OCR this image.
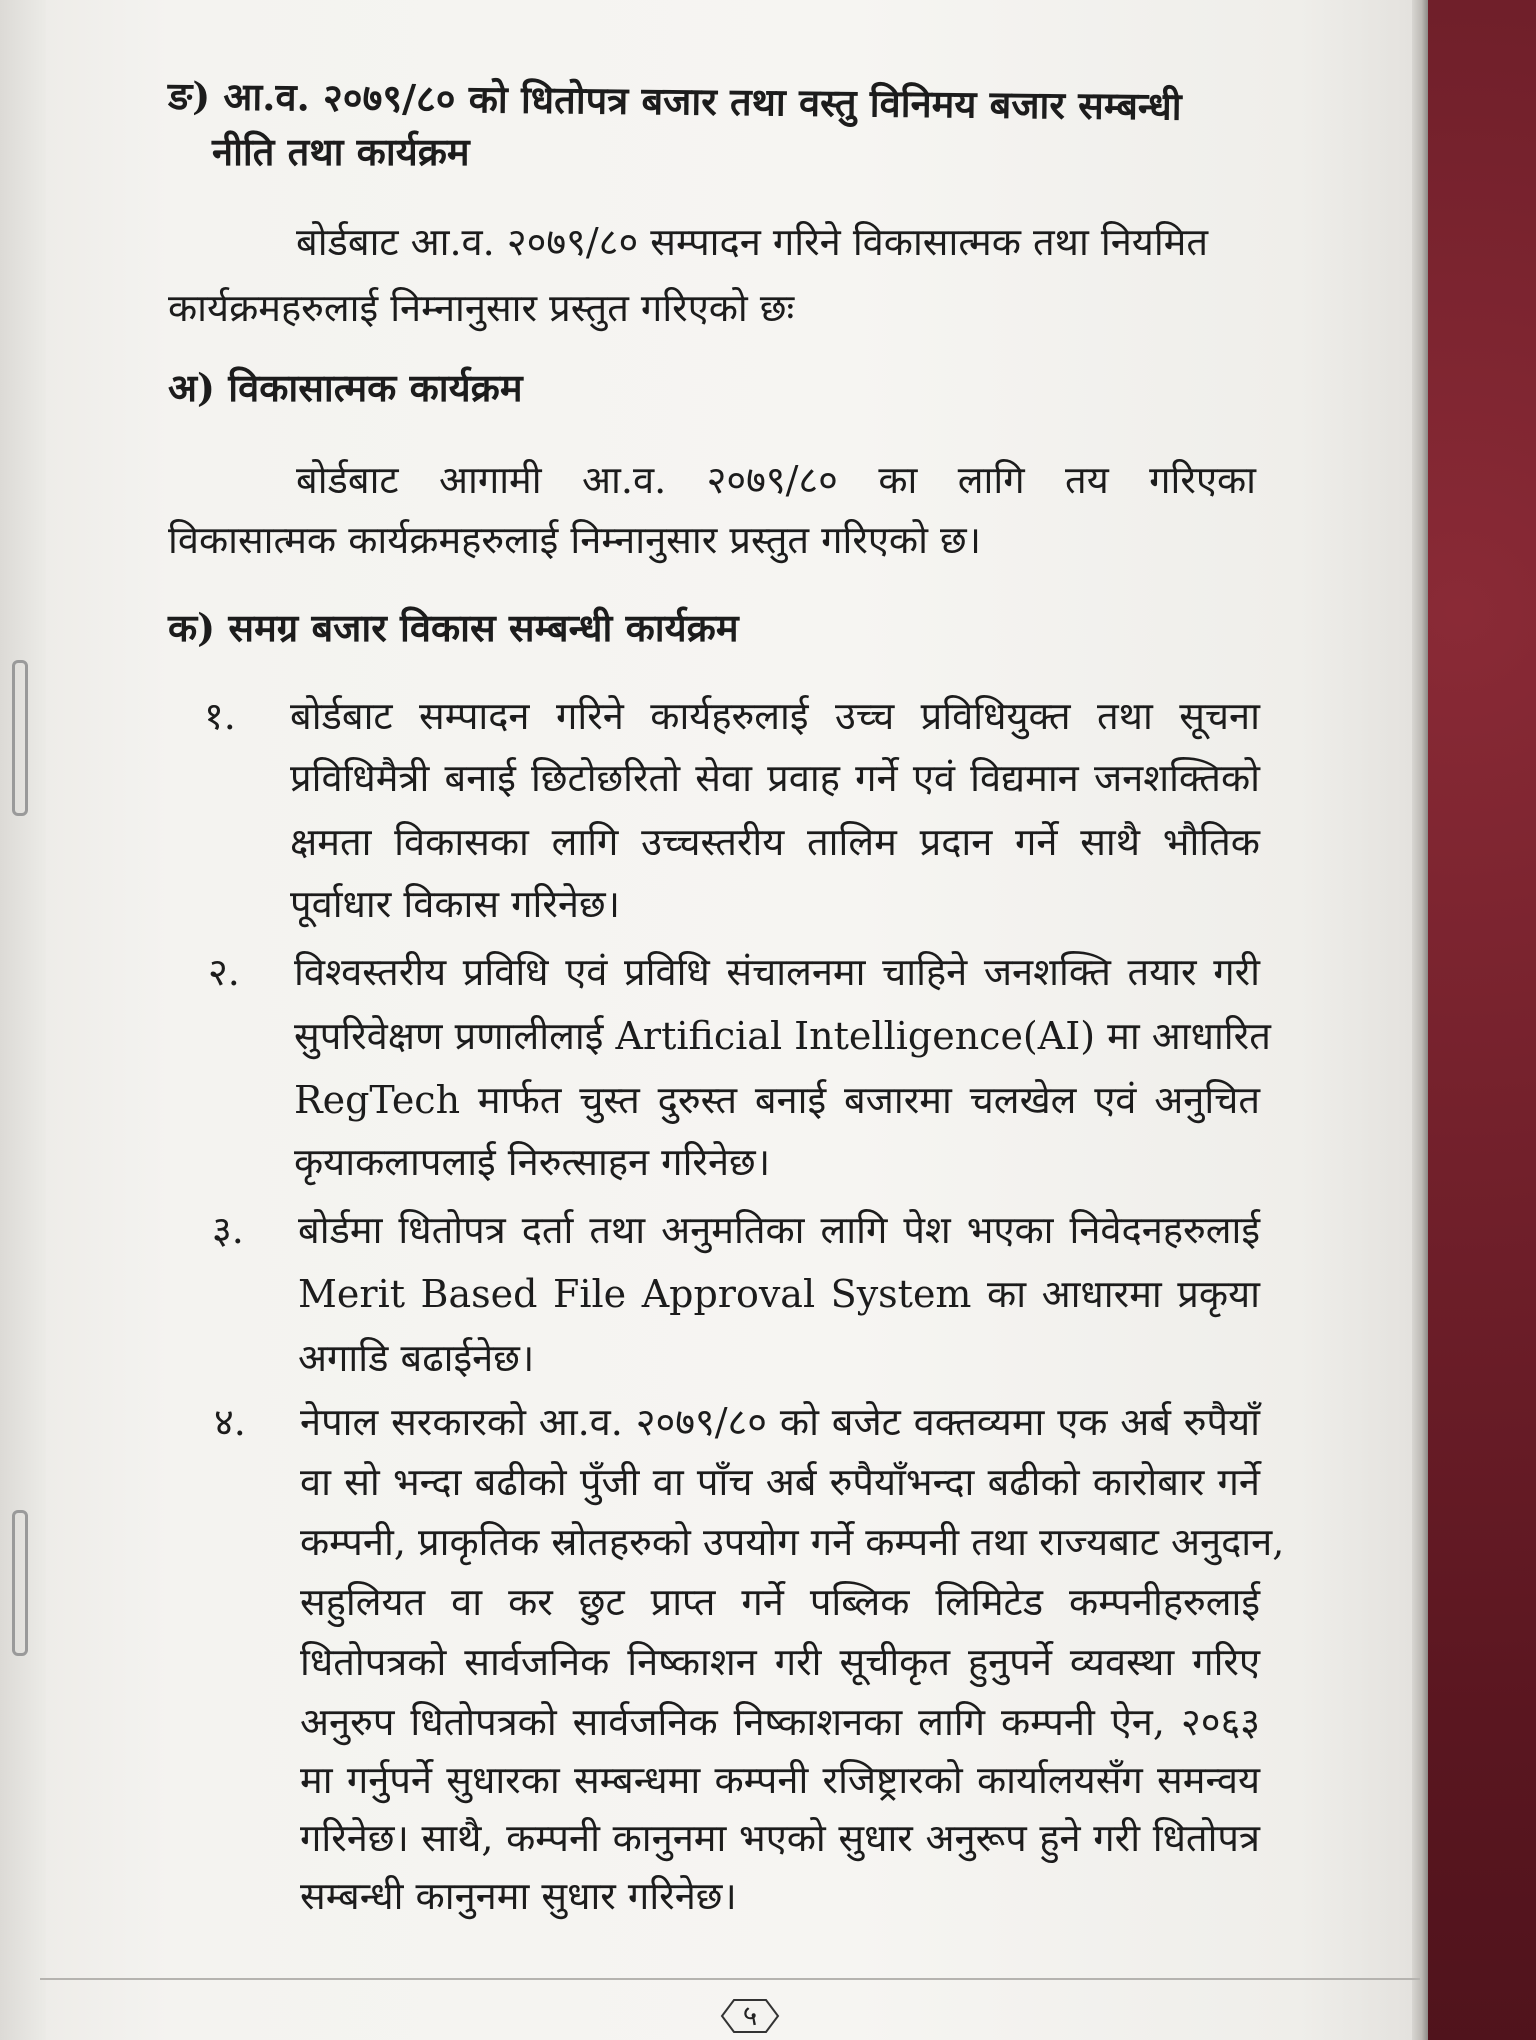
ङ) आ.व. २०७९/८० को धितोपत्र बजार तथा वस्तु विनिमय बजार सम्बन्धी
नीति तथा कार्यक्रम
बोर्डबाट आ.व. २०७९/८० सम्पादन गरिने विकासात्मक तथा नियमित
कार्यक्रमहरुलाई निम्नानुसार प्रस्तुत गरिएको छः
अ) विकासात्मक कार्यक्रम
बोर्डबाट आगामी आ.व. २०७९/८० का लागि तय गरिएका
विकासात्मक कार्यक्रमहरुलाई निम्नानुसार प्रस्तुत गरिएको छ।
क) समग्र बजार विकास सम्बन्धी कार्यक्रम
१. बोर्डबाट सम्पादन गरिने कार्यहरुलाई उच्च प्रविधियुक्त तथा सूचना
प्रविधिमैत्री बनाई छिटोछरितो सेवा प्रवाह गर्ने एवं विद्यमान जनशक्तिको
क्षमता विकासका लागि उच्चस्तरीय तालिम प्रदान गर्ने साथै भौतिक
पूर्वाधार विकास गरिनेछ।
२. विश्वस्तरीय प्रविधि एवं प्रविधि संचालनमा चाहिने जनशक्ति तयार गरी
सुपरिवेक्षण प्रणालीलाई Artificial Intelligence(AI) मा आधारित
RegTech मार्फत चुस्त दुरुस्त बनाई बजारमा चलखेल एवं अनुचित
कृयाकलापलाई निरुत्साहन गरिनेछ।
३. बोर्डमा धितोपत्र दर्ता तथा अनुमतिका लागि पेश भएका निवेदनहरुलाई
Merit Based File Approval System का आधारमा प्रकृया
अगाडि बढाईनेछ।
४. नेपाल सरकारको आ.व. २०७९/८० को बजेट वक्तव्यमा एक अर्ब रुपैयाँ
वा सो भन्दा बढीको पुँजी वा पाँच अर्ब रुपैयाँभन्दा बढीको कारोबार गर्ने
कम्पनी, प्राकृतिक स्रोतहरुको उपयोग गर्ने कम्पनी तथा राज्यबाट अनुदान,
सहुलियत वा कर छुट प्राप्त गर्ने पब्लिक लिमिटेड कम्पनीहरुलाई
धितोपत्रको सार्वजनिक निष्काशन गरी सूचीकृत हुनुपर्ने व्यवस्था गरिए
अनुरुप धितोपत्रको सार्वजनिक निष्काशनका लागि कम्पनी ऐन, २०६३
मा गर्नुपर्ने सुधारका सम्बन्धमा कम्पनी रजिष्ट्रारको कार्यालयसँग समन्वय
गरिनेछ। साथै, कम्पनी कानुनमा भएको सुधार अनुरूप हुने गरी धितोपत्र
सम्बन्धी कानुनमा सुधार गरिनेछ।
५
